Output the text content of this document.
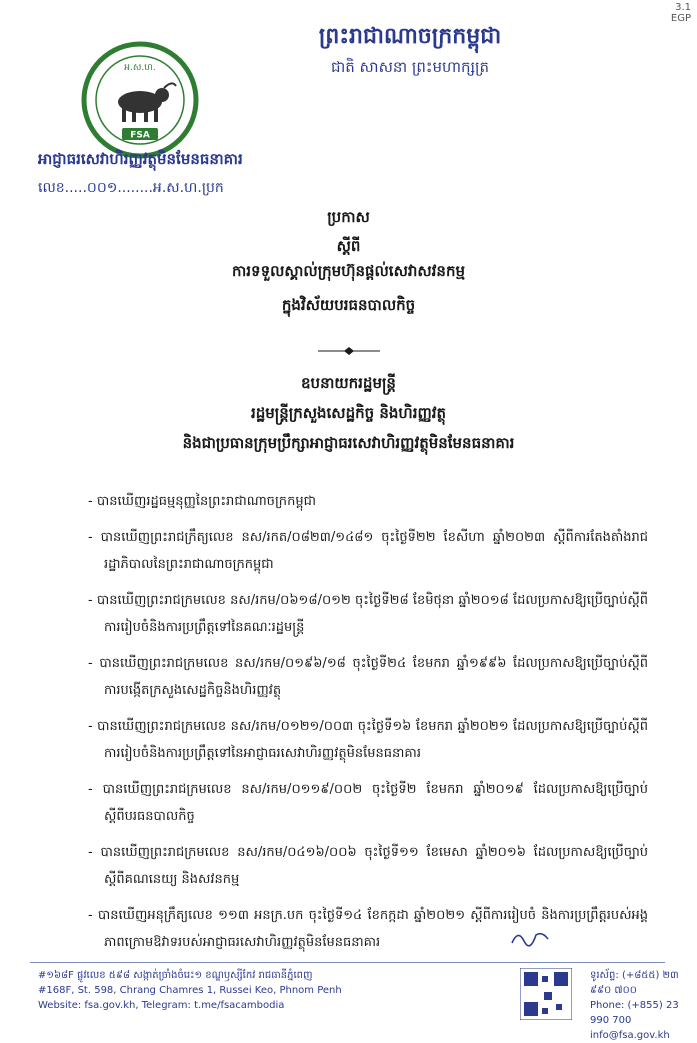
3.1
EGP
ព្រះរាជាណាចក្រកម្ពុជា
ជាតិ សាសនា ព្រះមហាក្សត្រ
អ.ស.ហ.
FSA
អាជ្ញាធរសេវាហិរញ្ញវត្ថុមិនមែនធនាគារ
លេខ.....០០១........អ.ស.ហ.ប្រក
ប្រកាស
ស្ដីពី
ការទទួលស្គាល់ក្រុមហ៊ុនផ្ដល់សេវាសវនកម្ម
ក្នុងវិស័យបរធនបាលកិច្ច
ឧបនាយករដ្ឋមន្ត្រី
រដ្ឋមន្ត្រីក្រសួងសេដ្ឋកិច្ច និងហិរញ្ញវត្ថុ
និងជាប្រធានក្រុមប្រឹក្សាអាជ្ញាធរសេវាហិរញ្ញវត្ថុមិនមែនធនាគារ
- បានឃើញរដ្ឋធម្មនុញ្ញនៃព្រះរាជាណាចក្រកម្ពុជា
- បានឃើញព្រះរាជក្រឹត្យលេខ នស/រកត/០៨២៣/១៤៨១ ចុះថ្ងៃទី២២ ខែសីហា ឆ្នាំ២០២៣ ស្ដីពីការតែងតាំងរាជរដ្ឋាភិបាលនៃព្រះរាជាណាចក្រកម្ពុជា
- បានឃើញព្រះរាជក្រមលេខ នស/រកម/០៦១៨/០១២ ចុះថ្ងៃទី២៨ ខែមិថុនា ឆ្នាំ២០១៨ ដែលប្រកាសឱ្យប្រើច្បាប់ស្ដីពីការរៀបចំនិងការប្រព្រឹត្តទៅនៃគណៈរដ្ឋមន្ត្រី
- បានឃើញព្រះរាជក្រមលេខ នស/រកម/០១៩៦/១៨ ចុះថ្ងៃទី២៤ ខែមករា ឆ្នាំ១៩៩៦ ដែលប្រកាសឱ្យប្រើច្បាប់ស្ដីពីការបង្កើតក្រសួងសេដ្ឋកិច្ចនិងហិរញ្ញវត្ថុ
- បានឃើញព្រះរាជក្រមលេខ នស/រកម/០១២១/០០៣ ចុះថ្ងៃទី១៦ ខែមករា ឆ្នាំ២០២១ ដែលប្រកាសឱ្យប្រើច្បាប់ស្ដីពីការរៀបចំនិងការប្រព្រឹត្តទៅនៃអាជ្ញាធរសេវាហិរញ្ញវត្ថុមិនមែនធនាគារ
- បានឃើញព្រះរាជក្រមលេខ នស/រកម/០១១៩/០០២ ចុះថ្ងៃទី២ ខែមករា ឆ្នាំ២០១៩ ដែលប្រកាសឱ្យប្រើច្បាប់ស្ដីពីបរធនបាលកិច្ច
- បានឃើញព្រះរាជក្រមលេខ នស/រកម/០៤១៦/០០៦ ចុះថ្ងៃទី១១ ខែមេសា ឆ្នាំ២០១៦ ដែលប្រកាសឱ្យប្រើច្បាប់ស្ដីពីគណនេយ្យ និងសវនកម្ម
- បានឃើញអនុក្រឹត្យលេខ ១១៣ អនក្រ.បក ចុះថ្ងៃទី១៤ ខែកក្កដា ឆ្នាំ២០២១ ស្ដីពីការរៀបចំ និងការប្រព្រឹត្តរបស់អង្គភាពក្រោមឱវាទរបស់អាជ្ញាធរសេវាហិរញ្ញវត្ថុមិនមែនធនាគារ
#១៦៨F ផ្លូវលេខ ៥៩៨ សង្កាត់ច្រាំងចំរេះ១ ខណ្ឌឫស្សីកែវ រាជធានីភ្នំពេញ
#168F, St. 598, Chrang Chamres 1, Russei Keo, Phnom Penh
Website: fsa.gov.kh, Telegram: t.me/fsacambodia
ទូរស័ព្ទ: (+៨៥៥) ២៣ ៩៩០ ៧០០
Phone: (+855) 23 990 700
info@fsa.gov.kh
